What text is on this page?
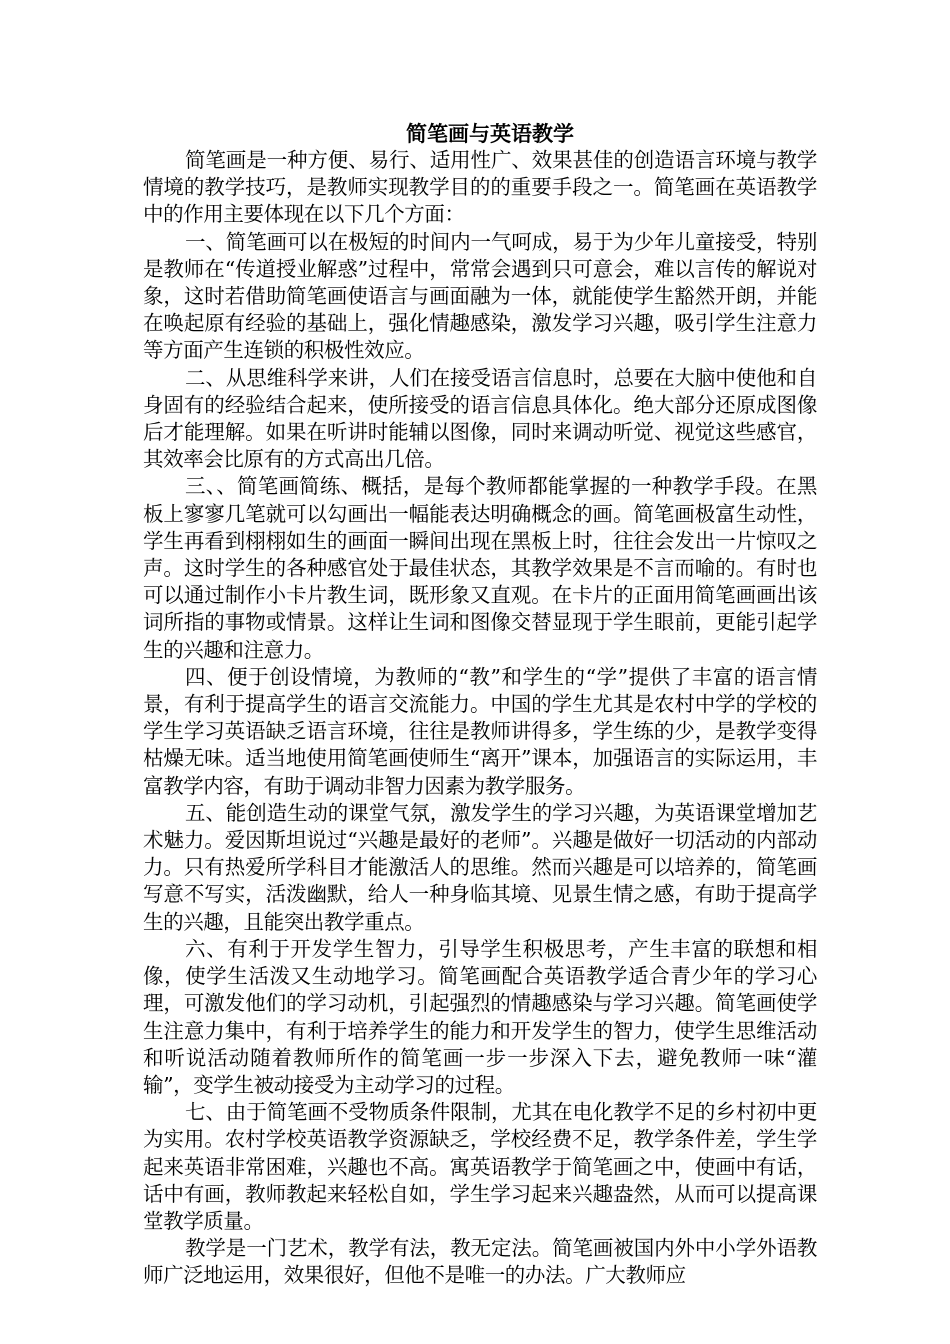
简笔画与英语教学

简笔画是一种方便、易行、适用性广、效果甚佳的创造语言环境与教学情境的教学技巧，是教师实现教学目的的重要手段之一。简笔画在英语教学中的作用主要体现在以下几个方面：

一、简笔画可以在极短的时间内一气呵成，易于为少年儿童接受，特别是教师在“传道授业解惑”过程中，常常会遇到只可意会，难以言传的解说对象，这时若借助简笔画使语言与画面融为一体，就能使学生豁然开朗，并能在唤起原有经验的基础上，强化情趣感染，激发学习兴趣，吸引学生注意力等方面产生连锁的积极性效应。

二、从思维科学来讲，人们在接受语言信息时，总要在大脑中使他和自身固有的经验结合起来，使所接受的语言信息具体化。绝大部分还原成图像后才能理解。如果在听讲时能辅以图像，同时来调动听觉、视觉这些感官，其效率会比原有的方式高出几倍。

三、、简笔画简练、概括，是每个教师都能掌握的一种教学手段。在黑板上寥寥几笔就可以勾画出一幅能表达明确概念的画。简笔画极富生动性，学生再看到栩栩如生的画面一瞬间出现在黑板上时，往往会发出一片惊叹之声。这时学生的各种感官处于最佳状态，其教学效果是不言而喻的。有时也可以通过制作小卡片教生词，既形象又直观。在卡片的正面用简笔画画出该词所指的事物或情景。这样让生词和图像交替显现于学生眼前，更能引起学生的兴趣和注意力。

四、便于创设情境，为教师的“教”和学生的“学”提供了丰富的语言情景，有利于提高学生的语言交流能力。中国的学生尤其是农村中学的学校的学生学习英语缺乏语言环境，往往是教师讲得多，学生练的少，是教学变得枯燥无味。适当地使用简笔画使师生“离开”课本，加强语言的实际运用，丰富教学内容，有助于调动非智力因素为教学服务。

五、能创造生动的课堂气氛，激发学生的学习兴趣，为英语课堂增加艺术魅力。爱因斯坦说过“兴趣是最好的老师”。兴趣是做好一切活动的内部动力。只有热爱所学科目才能激活人的思维。然而兴趣是可以培养的，简笔画写意不写实，活泼幽默，给人一种身临其境、见景生情之感，有助于提高学生的兴趣，且能突出教学重点。

六、有利于开发学生智力，引导学生积极思考，产生丰富的联想和相像，使学生活泼又生动地学习。简笔画配合英语教学适合青少年的学习心理，可激发他们的学习动机，引起强烈的情趣感染与学习兴趣。简笔画使学生注意力集中，有利于培养学生的能力和开发学生的智力，使学生思维活动和听说活动随着教师所作的简笔画一步一步深入下去，避免教师一味“灌输”，变学生被动接受为主动学习的过程。

七、由于简笔画不受物质条件限制，尤其在电化教学不足的乡村初中更为实用。农村学校英语教学资源缺乏，学校经费不足，教学条件差，学生学起来英语非常困难，兴趣也不高。寓英语教学于简笔画之中，使画中有话，话中有画，教师教起来轻松自如，学生学习起来兴趣盎然，从而可以提高课堂教学质量。

教学是一门艺术，教学有法，教无定法。简笔画被国内外中小学外语教师广泛地运用，效果很好，但他不是唯一的办法。广大教师应
